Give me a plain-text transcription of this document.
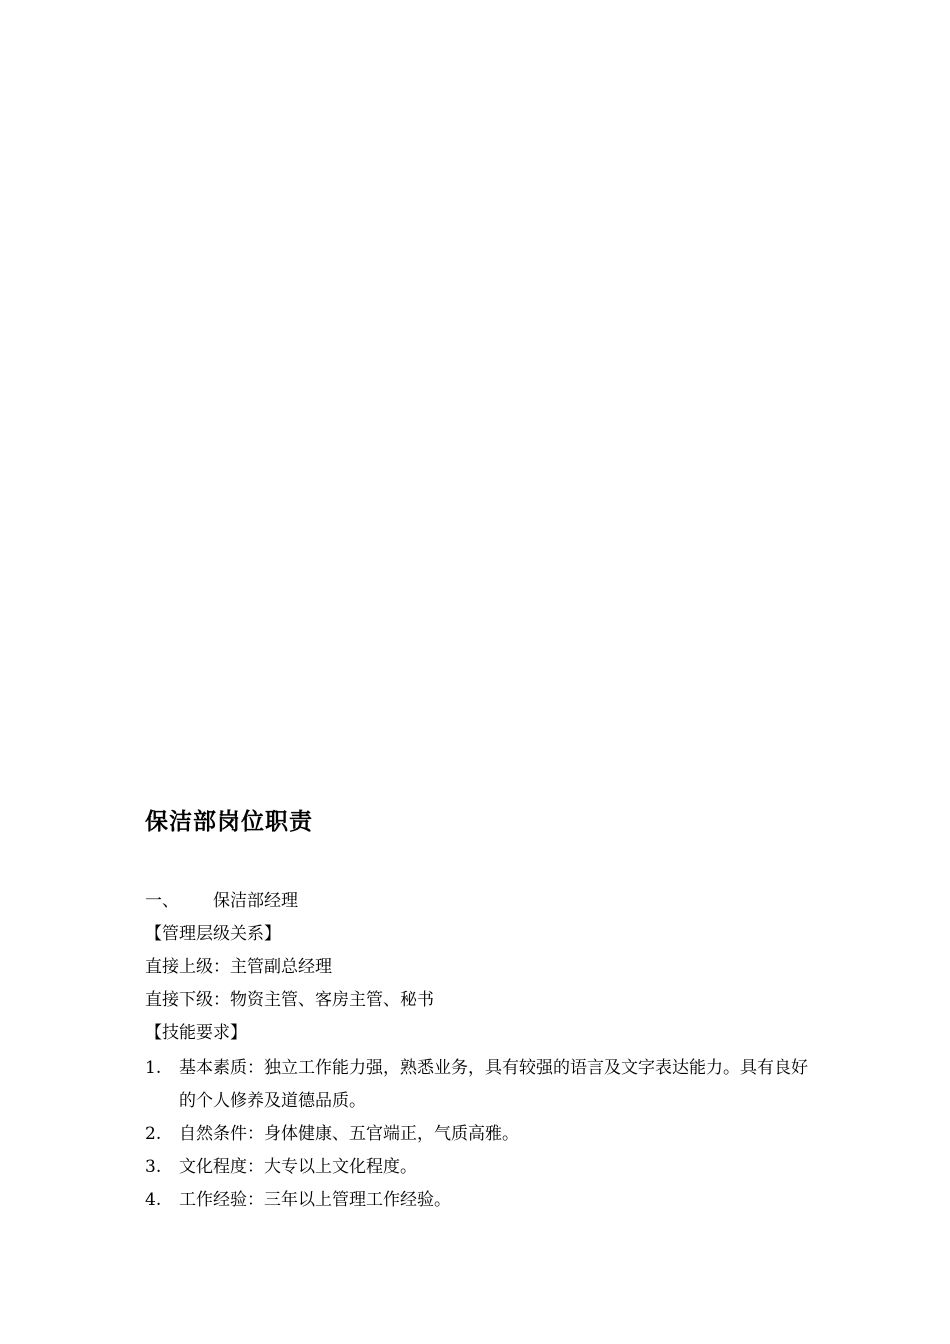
保洁部岗位职责
一、 保洁部经理
【管理层级关系】
直接上级：主管副总经理
直接下级：物资主管、客房主管、秘书
【技能要求】
1. 基本素质：独立工作能力强，熟悉业务，具有较强的语言及文字表达能力。具有良好的个人修养及道德品质。
2. 自然条件：身体健康、五官端正，气质高雅。
3. 文化程度：大专以上文化程度。
4. 工作经验：三年以上管理工作经验。
